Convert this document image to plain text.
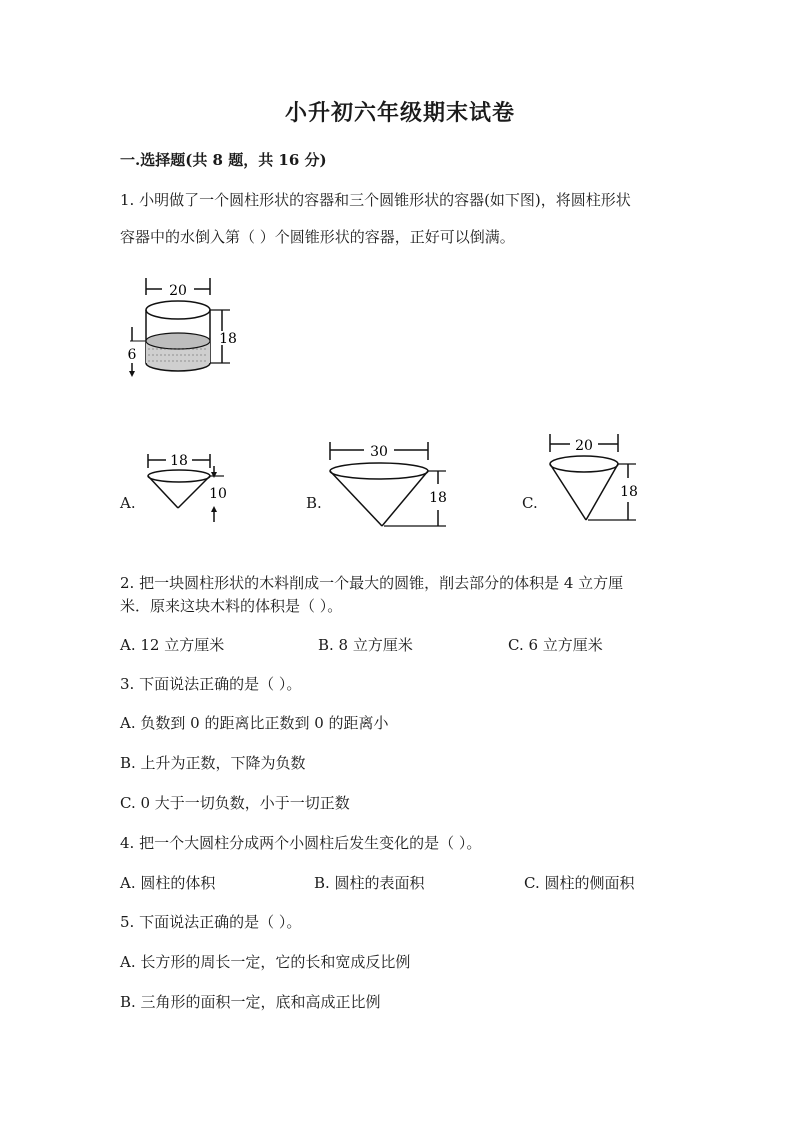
小升初六年级期末试卷
一.选择题(共 8 题，共 16 分)
1. 小明做了一个圆柱形状的容器和三个圆锥形状的容器(如下图)，将圆柱形状
容器中的水倒入第（ ）个圆锥形状的容器，正好可以倒满。
20
18
6
A.
18
10	B.
30
18	C.
20
18
2. 把一块圆柱形状的木料削成一个最大的圆锥，削去部分的体积是 4 立方厘
米．原来这块木料的体积是（ ）。
A. 12 立方厘米	B. 8 立方厘米	C. 6 立方厘米
3. 下面说法正确的是（ ）。
A. 负数到 0 的距离比正数到 0 的距离小
B. 上升为正数，下降为负数
C. 0 大于一切负数，小于一切正数
4. 把一个大圆柱分成两个小圆柱后发生变化的是（ ）。
A. 圆柱的体积	B. 圆柱的表面积	C. 圆柱的侧面积
5. 下面说法正确的是（ ）。
A. 长方形的周长一定，它的长和宽成反比例
B. 三角形的面积一定，底和高成正比例
